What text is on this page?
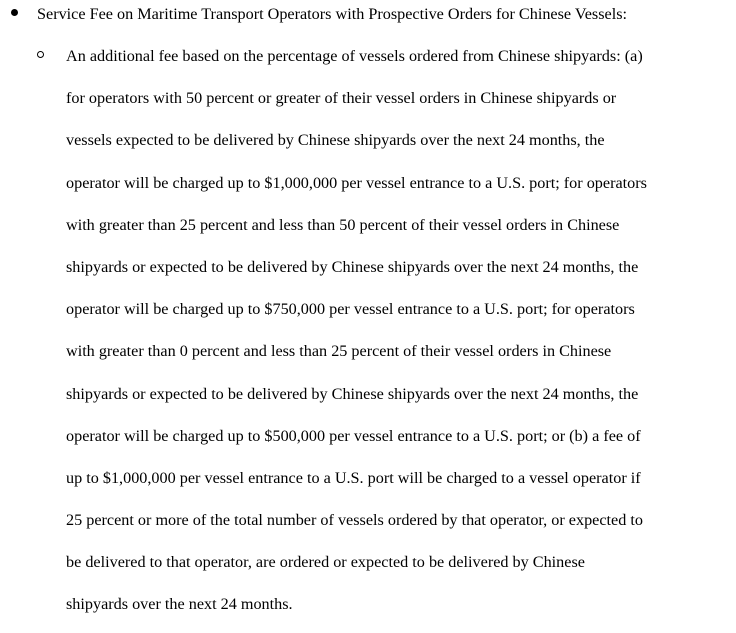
Service Fee on Maritime Transport Operators with Prospective Orders for Chinese Vessels:
An additional fee based on the percentage of vessels ordered from Chinese shipyards: (a)
for operators with 50 percent or greater of their vessel orders in Chinese shipyards or
vessels expected to be delivered by Chinese shipyards over the next 24 months, the
operator will be charged up to $1,000,000 per vessel entrance to a U.S. port; for operators
with greater than 25 percent and less than 50 percent of their vessel orders in Chinese
shipyards or expected to be delivered by Chinese shipyards over the next 24 months, the
operator will be charged up to $750,000 per vessel entrance to a U.S. port; for operators
with greater than 0 percent and less than 25 percent of their vessel orders in Chinese
shipyards or expected to be delivered by Chinese shipyards over the next 24 months, the
operator will be charged up to $500,000 per vessel entrance to a U.S. port; or (b) a fee of
up to $1,000,000 per vessel entrance to a U.S. port will be charged to a vessel operator if
25 percent or more of the total number of vessels ordered by that operator, or expected to
be delivered to that operator, are ordered or expected to be delivered by Chinese
shipyards over the next 24 months.
